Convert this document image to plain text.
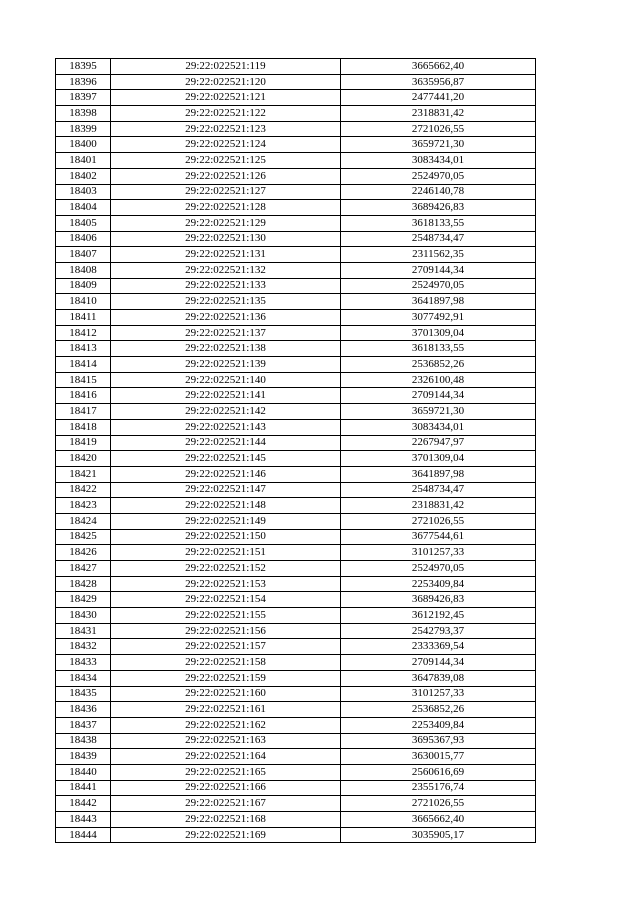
18395	29:22:022521:119	3665662,40
18396	29:22:022521:120	3635956,87
18397	29:22:022521:121	2477441,20
18398	29:22:022521:122	2318831,42
18399	29:22:022521:123	2721026,55
18400	29:22:022521:124	3659721,30
18401	29:22:022521:125	3083434,01
18402	29:22:022521:126	2524970,05
18403	29:22:022521:127	2246140,78
18404	29:22:022521:128	3689426,83
18405	29:22:022521:129	3618133,55
18406	29:22:022521:130	2548734,47
18407	29:22:022521:131	2311562,35
18408	29:22:022521:132	2709144,34
18409	29:22:022521:133	2524970,05
18410	29:22:022521:135	3641897,98
18411	29:22:022521:136	3077492,91
18412	29:22:022521:137	3701309,04
18413	29:22:022521:138	3618133,55
18414	29:22:022521:139	2536852,26
18415	29:22:022521:140	2326100,48
18416	29:22:022521:141	2709144,34
18417	29:22:022521:142	3659721,30
18418	29:22:022521:143	3083434,01
18419	29:22:022521:144	2267947,97
18420	29:22:022521:145	3701309,04
18421	29:22:022521:146	3641897,98
18422	29:22:022521:147	2548734,47
18423	29:22:022521:148	2318831,42
18424	29:22:022521:149	2721026,55
18425	29:22:022521:150	3677544,61
18426	29:22:022521:151	3101257,33
18427	29:22:022521:152	2524970,05
18428	29:22:022521:153	2253409,84
18429	29:22:022521:154	3689426,83
18430	29:22:022521:155	3612192,45
18431	29:22:022521:156	2542793,37
18432	29:22:022521:157	2333369,54
18433	29:22:022521:158	2709144,34
18434	29:22:022521:159	3647839,08
18435	29:22:022521:160	3101257,33
18436	29:22:022521:161	2536852,26
18437	29:22:022521:162	2253409,84
18438	29:22:022521:163	3695367,93
18439	29:22:022521:164	3630015,77
18440	29:22:022521:165	2560616,69
18441	29:22:022521:166	2355176,74
18442	29:22:022521:167	2721026,55
18443	29:22:022521:168	3665662,40
18444	29:22:022521:169	3035905,17
